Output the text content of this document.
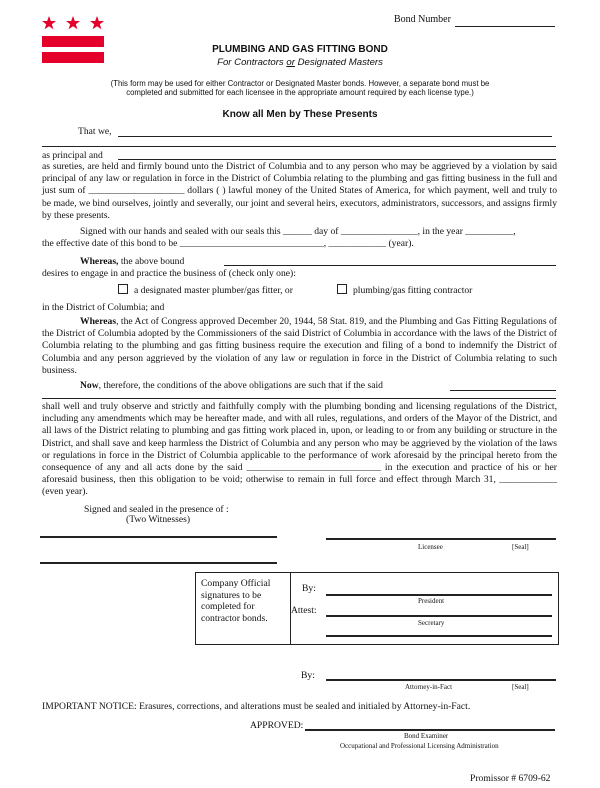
Bond Number
PLUMBING AND GAS FITTING BOND
For Contractors or Designated Masters
(This form may be used for either Contractor or Designated Master bonds. However, a separate bond must be
completed and submitted for each licensee in the appropriate amount required by each license type.)
Know all Men by These Presents
That we,
as principal and
as sureties, are held and firmly bound unto the District of Columbia and to any person who may be aggrieved by a violation by said principal of any law or regulation in force in the District of Columbia relating to the plumbing and gas fitting business in the full and just sum of ____________________ dollars ( ) lawful money of the United States of America, for which payment, well and truly to be made, we bind ourselves, jointly and severally, our joint and several heirs, executors, administrators, successors, and assigns firmly by these presents.
Signed with our hands and sealed with our seals this ______ day of ________________, in the year __________,
the effective date of this bond to be ______________________________, ____________ (year).
Whereas, the above bound
desires to engage in and practice the business of (check only one):
a designated master plumber/gas fitter, or	plumbing/gas fitting contractor
in the District of Columbia; and
Whereas, the Act of Congress approved December 20, 1944, 58 Stat. 819, and the Plumbing and Gas Fitting Regulations of the District of Columbia adopted by the Commissioners of the said District of Columbia in accordance with the laws of the District of Columbia relating to the plumbing and gas fitting business require the execution and filing of a bond to indemnify the District of Columbia and any person aggrieved by the violation of any law or regulation in force in the District of Columbia relating to such business.
Now, therefore, the conditions of the above obligations are such that if the said
shall well and truly observe and strictly and faithfully comply with the plumbing bonding and licensing regulations of the District, including any amendments which may be hereafter made, and with all rules, regulations, and orders of the Mayor of the District, and all laws of the District relating to plumbing and gas fitting work placed in, upon, or leading to or from any building or structure in the District, and shall save and keep harmless the District of Columbia and any person who may be aggrieved by the violation of the laws or regulations in force in the District of Columbia applicable to the performance of work aforesaid by the principal hereto from the consequence of any and all acts done by the said ____________________________ in the execution and practice of his or her aforesaid business, then this obligation to be void; otherwise to remain in full force and effect through March 31, ____________ (even year).
Signed and sealed in the presence of :
(Two Witnesses)
Licensee	[Seal]
Company Official signatures to be completed for contractor bonds.
By:
President
Attest:
Secretary
By:
Attorney-in-Fact	[Seal]
IMPORTANT NOTICE: Erasures, corrections, and alterations must be sealed and initialed by Attorney-in-Fact.
APPROVED:
Bond Examiner
Occupational and Professional Licensing Administration
Promissor # 6709-62
